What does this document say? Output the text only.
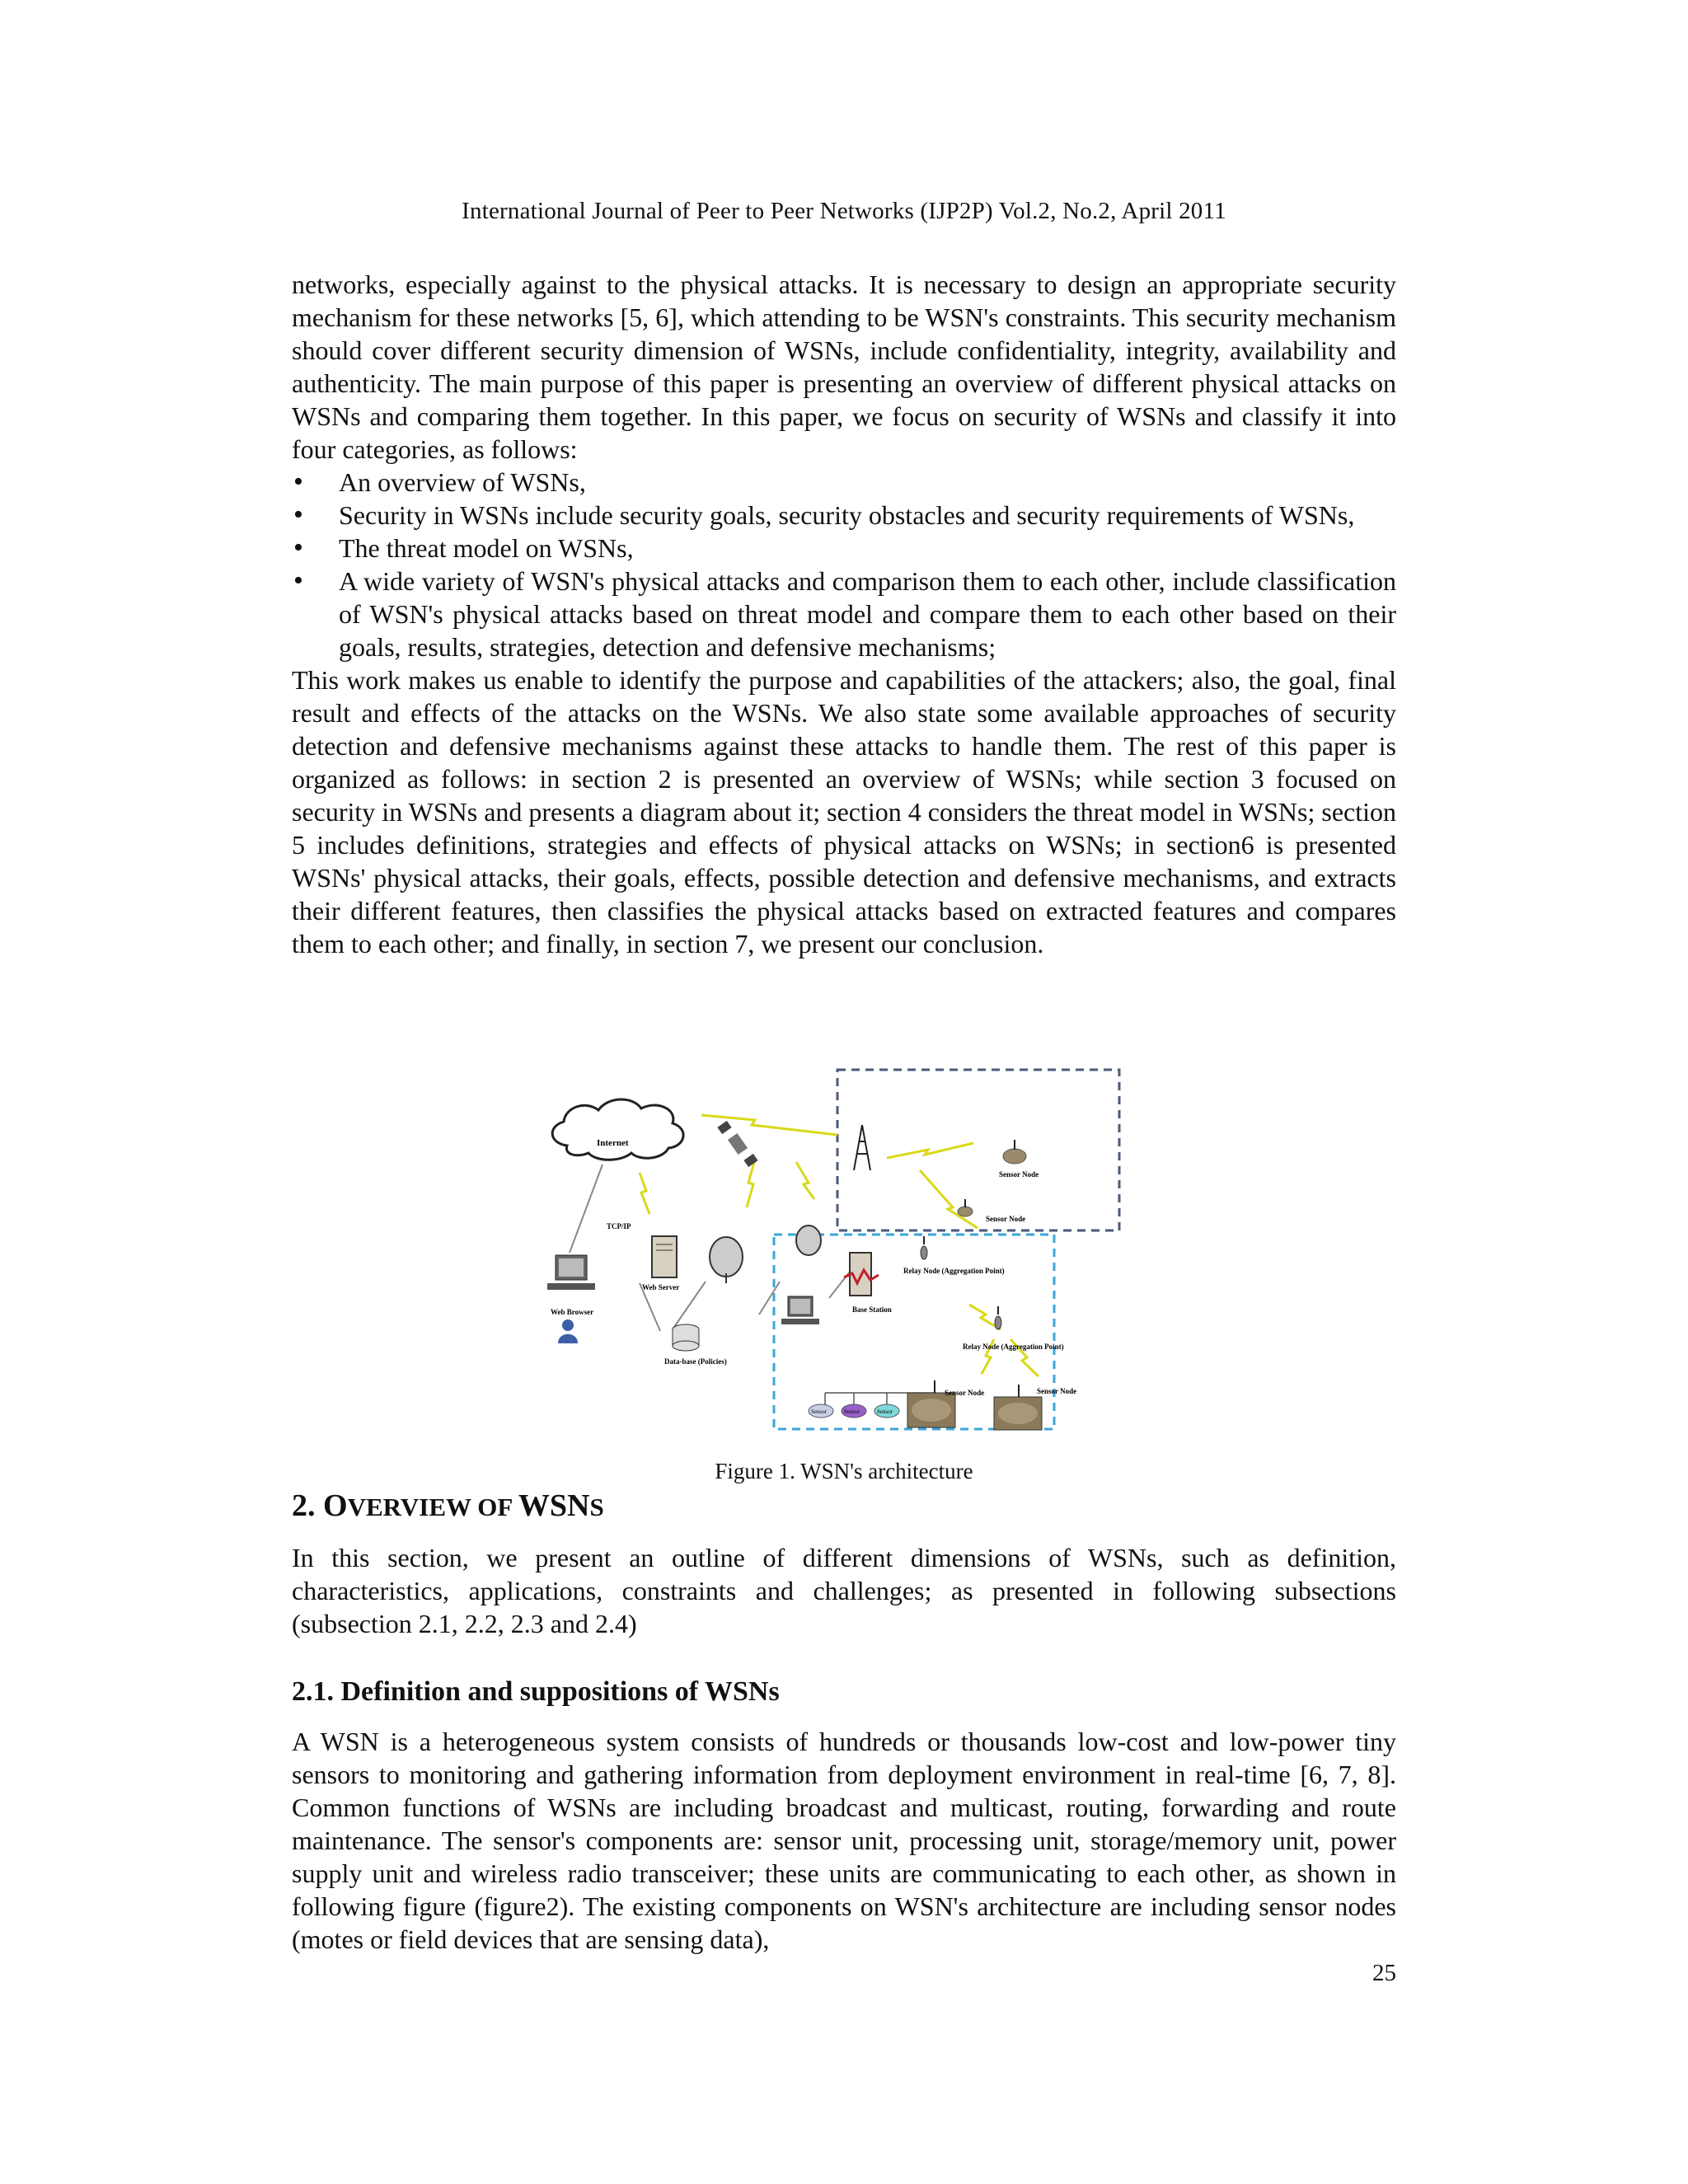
International Journal of Peer to Peer Networks (IJP2P) Vol.2, No.2, April 2011

networks, especially against to the physical attacks. It is necessary to design an appropriate security mechanism for these networks [5, 6], which attending to be WSN's constraints. This security mechanism should cover different security dimension of WSNs, include confidentiality, integrity, availability and authenticity. The main purpose of this paper is presenting an overview of different physical attacks on WSNs and comparing them together. In this paper, we focus on security of WSNs and classify it into four categories, as follows:

• An overview of WSNs,
• Security in WSNs include security goals, security obstacles and security requirements of WSNs,
• The threat model on WSNs,
• A wide variety of WSN's physical attacks and comparison them to each other, include classification of WSN's physical attacks based on threat model and compare them to each other based on their goals, results, strategies, detection and defensive mechanisms;

This work makes us enable to identify the purpose and capabilities of the attackers; also, the goal, final result and effects of the attacks on the WSNs. We also state some available approaches of security detection and defensive mechanisms against these attacks to handle them. The rest of this paper is organized as follows: in section 2 is presented an overview of WSNs; while section 3 focused on security in WSNs and presents a diagram about it; section 4 considers the threat model in WSNs; section 5 includes definitions, strategies and effects of physical attacks on WSNs; in section6 is presented WSNs' physical attacks, their goals, effects, possible detection and defensive mechanisms, and extracts their different features, then classifies the physical attacks based on extracted features and compares them to each other; and finally, in section 7, we present our conclusion.

Internet
Sensor Node
Sensor Node
Web Browser
TCP/IP
Web Server
Data-base (Policies)
Base Station
Relay Node (Aggregation Point)
Relay Node (Aggregation Point)
Sensor	Sensor	Sensor
Sensor Node	Sensor Node
Figure 1. WSN's architecture
2. OVERVIEW OF WSNS

In this section, we present an outline of different dimensions of WSNs, such as definition, characteristics, applications, constraints and challenges; as presented in following subsections (subsection 2.1, 2.2, 2.3 and 2.4)

2.1. Definition and suppositions of WSNs

A WSN is a heterogeneous system consists of hundreds or thousands low-cost and low-power tiny sensors to monitoring and gathering information from deployment environment in real-time [6, 7, 8]. Common functions of WSNs are including broadcast and multicast, routing, forwarding and route maintenance. The sensor's components are: sensor unit, processing unit, storage/memory unit, power supply unit and wireless radio transceiver; these units are communicating to each other, as shown in following figure (figure2). The existing components on WSN's architecture are including sensor nodes (motes or field devices that are sensing data),

25
